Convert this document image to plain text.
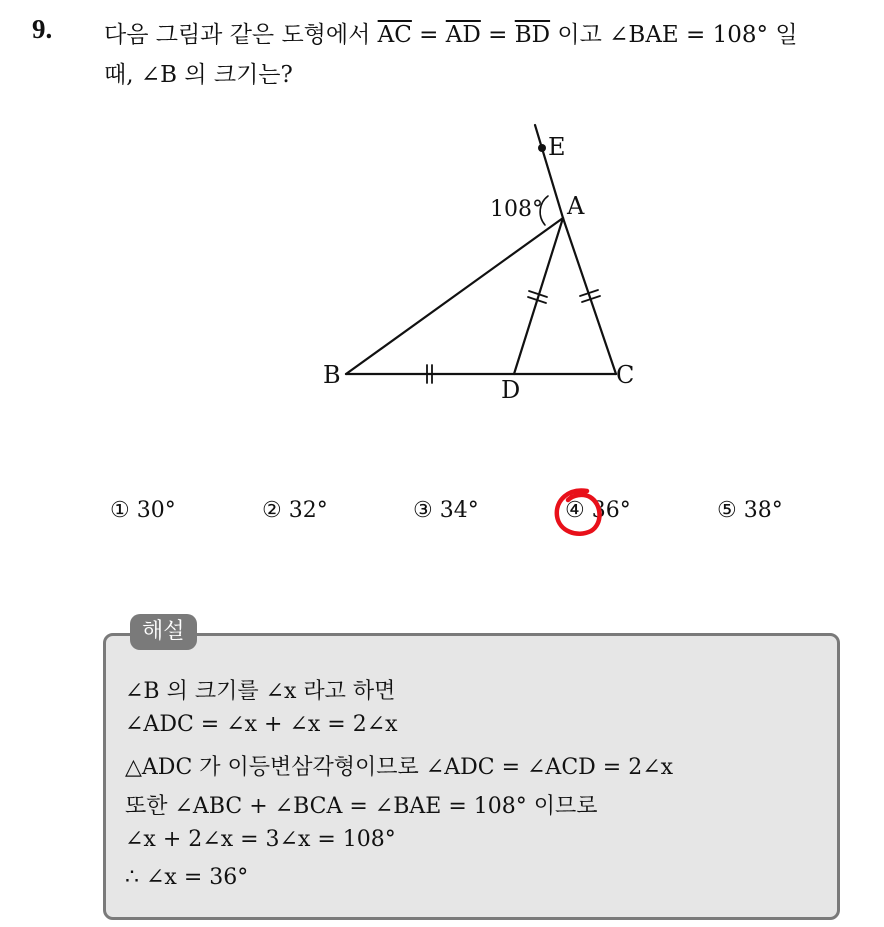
9. 다음 그림과 같은 도형에서 $\overline{AC} = \overline{AD} = \overline{BD}$ 이고 ∠BAE = 108° 일
때, ∠B 의 크기는?
E
A
B	C
D
108°
① 30°	② 32°	③ 34°	④ 36°	⑤ 38°
해설
∠B 의 크기를 ∠x 라고 하면
∠ADC = ∠x + ∠x = 2∠x
△ADC 가 이등변삼각형이므로 ∠ADC = ∠ACD = 2∠x
또한 ∠ABC + ∠BCA = ∠BAE = 108° 이므로
∠x + 2∠x = 3∠x = 108°
∴ ∠x = 36°
